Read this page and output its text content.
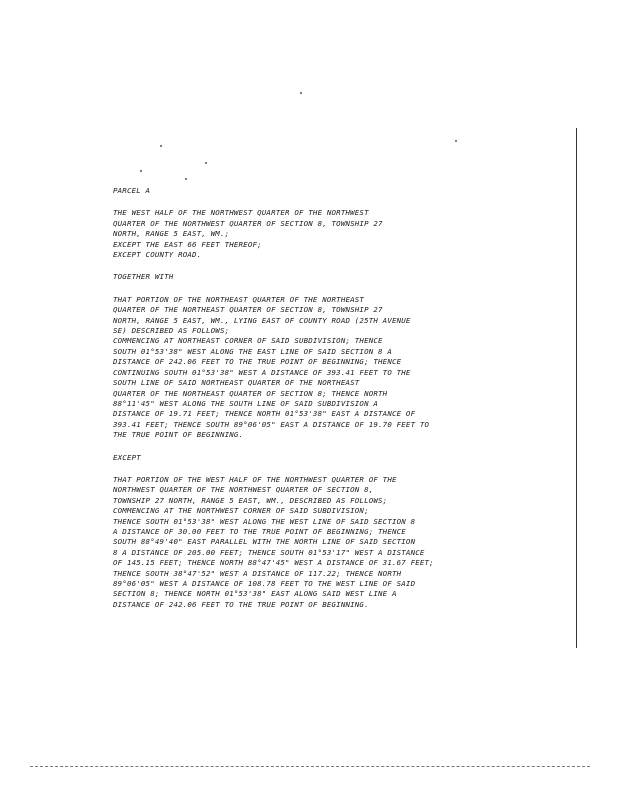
PARCEL A
THE WEST HALF OF THE NORTHWEST QUARTER OF THE NORTHWEST
QUARTER OF THE NORTHWEST QUARTER OF SECTION 8, TOWNSHIP 27
NORTH, RANGE 5 EAST, WM.;
EXCEPT THE EAST 66 FEET THEREOF;
EXCEPT COUNTY ROAD.
TOGETHER WITH
THAT PORTION OF THE NORTHEAST QUARTER OF THE NORTHEAST
QUARTER OF THE NORTHEAST QUARTER OF SECTION 8, TOWNSHIP 27
NORTH, RANGE 5 EAST, WM., LYING EAST OF COUNTY ROAD (25TH AVENUE
SE) DESCRIBED AS FOLLOWS;
COMMENCING AT NORTHEAST CORNER OF SAID SUBDIVISION; THENCE
SOUTH 01°53'38" WEST ALONG THE EAST LINE OF SAID SECTION 8 A
DISTANCE OF 242.06 FEET TO THE TRUE POINT OF BEGINNING; THENCE
CONTINUING SOUTH 01°53'38" WEST A DISTANCE OF 393.41 FEET TO THE
SOUTH LINE OF SAID NORTHEAST QUARTER OF THE NORTHEAST
QUARTER OF THE NORTHEAST QUARTER OF SECTION 8; THENCE NORTH
88°11'45" WEST ALONG THE SOUTH LINE OF SAID SUBDIVISION A
DISTANCE OF 19.71 FEET; THENCE NORTH 01°53'38" EAST A DISTANCE OF
393.41 FEET; THENCE SOUTH 89°06'05" EAST A DISTANCE OF 19.70 FEET TO
THE TRUE POINT OF BEGINNING.
EXCEPT
THAT PORTION OF THE WEST HALF OF THE NORTHWEST QUARTER OF THE
NORTHWEST QUARTER OF THE NORTHWEST QUARTER OF SECTION 8,
TOWNSHIP 27 NORTH, RANGE 5 EAST, WM., DESCRIBED AS FOLLOWS;
COMMENCING AT THE NORTHWEST CORNER OF SAID SUBDIVISION;
THENCE SOUTH 01°53'38" WEST ALONG THE WEST LINE OF SAID SECTION 8
A DISTANCE OF 30.00 FEET TO THE TRUE POINT OF BEGINNING; THENCE
SOUTH 88°49'40" EAST PARALLEL WITH THE NORTH LINE OF SAID SECTION
8 A DISTANCE OF 205.00 FEET; THENCE SOUTH 01°53'17" WEST A DISTANCE
OF 145.15 FEET; THENCE NORTH 88°47'45" WEST A DISTANCE OF 31.67 FEET;
THENCE SOUTH 38°47'52" WEST A DISTANCE OF 117.22; THENCE NORTH
89°06'05" WEST A DISTANCE OF 108.78 FEET TO THE WEST LINE OF SAID
SECTION 8; THENCE NORTH 01°53'38" EAST ALONG SAID WEST LINE A
DISTANCE OF 242.06 FEET TO THE TRUE POINT OF BEGINNING.
